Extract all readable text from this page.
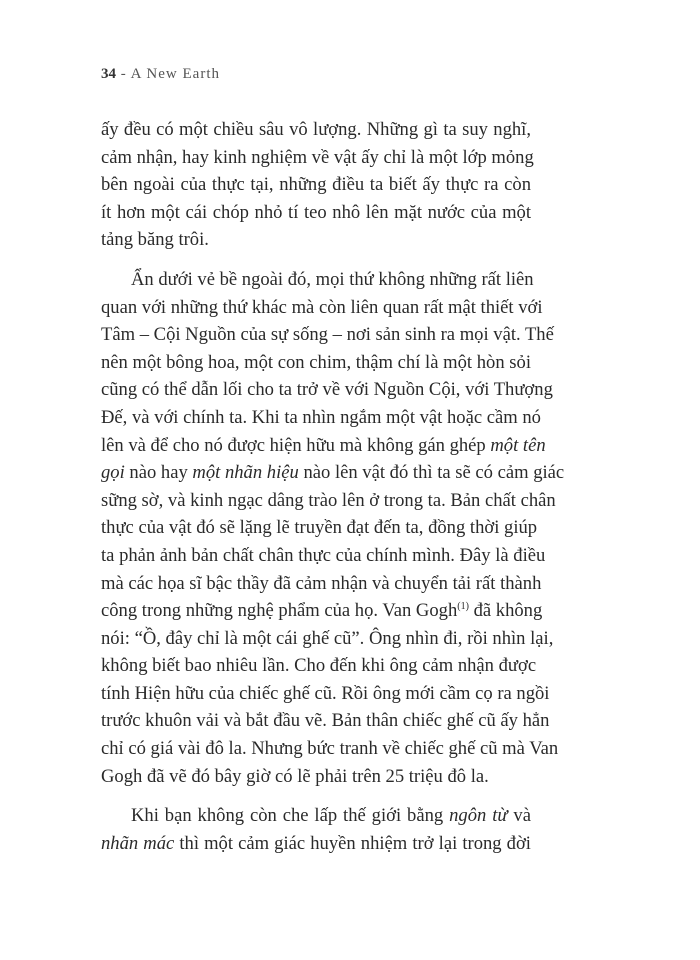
34 - A New Earth
ấy đều có một chiều sâu vô lượng. Những gì ta suy nghĩ,
cảm nhận, hay kinh nghiệm về vật ấy chỉ là một lớp mỏng
bên ngoài của thực tại, những điều ta biết ấy thực ra còn
ít hơn một cái chóp nhỏ tí teo nhô lên mặt nước của một
tảng băng trôi.
Ẩn dưới vẻ bề ngoài đó, mọi thứ không những rất liên
quan với những thứ khác mà còn liên quan rất mật thiết với
Tâm – Cội Nguồn của sự sống – nơi sản sinh ra mọi vật. Thế
nên một bông hoa, một con chim, thậm chí là một hòn sỏi
cũng có thể dẫn lối cho ta trở về với Nguồn Cội, với Thượng
Đế, và với chính ta. Khi ta nhìn ngắm một vật hoặc cầm nó
lên và để cho nó được hiện hữu mà không gán ghép một tên
gọi nào hay một nhãn hiệu nào lên vật đó thì ta sẽ có cảm giác
sững sờ, và kinh ngạc dâng trào lên ở trong ta. Bản chất chân
thực của vật đó sẽ lặng lẽ truyền đạt đến ta, đồng thời giúp
ta phản ảnh bản chất chân thực của chính mình. Đây là điều
mà các họa sĩ bậc thầy đã cảm nhận và chuyển tải rất thành
công trong những nghệ phẩm của họ. Van Gogh$^{(1)}$ đã không
nói: “Ồ, đây chỉ là một cái ghế cũ”. Ông nhìn đi, rồi nhìn lại,
không biết bao nhiêu lần. Cho đến khi ông cảm nhận được
tính Hiện hữu của chiếc ghế cũ. Rồi ông mới cầm cọ ra ngồi
trước khuôn vải và bắt đầu vẽ. Bản thân chiếc ghế cũ ấy hẳn
chỉ có giá vài đô la. Nhưng bức tranh về chiếc ghế cũ mà Van
Gogh đã vẽ đó bây giờ có lẽ phải trên 25 triệu đô la.
Khi bạn không còn che lấp thế giới bằng ngôn từ và
nhãn mác thì một cảm giác huyền nhiệm trở lại trong đời
